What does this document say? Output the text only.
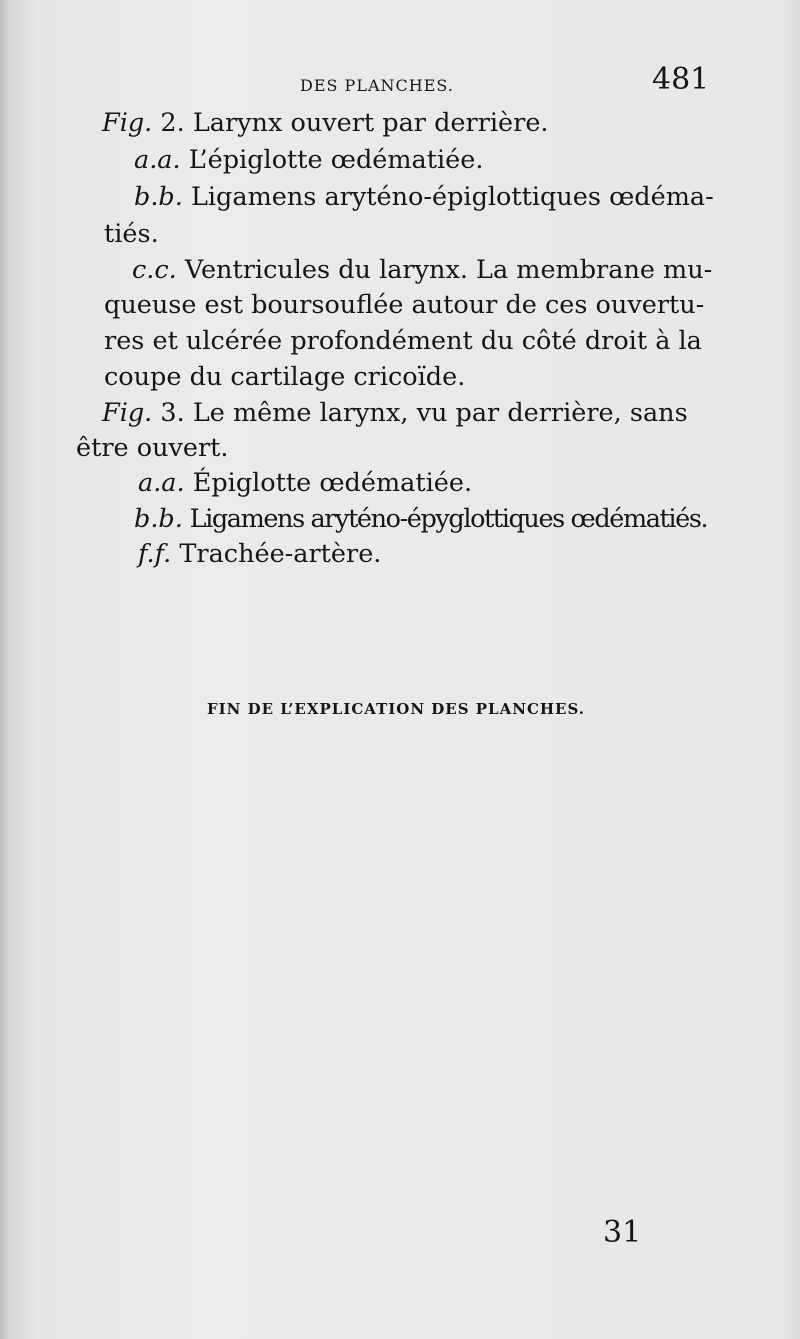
DES PLANCHES.	481
Fig. 2. Larynx ouvert par derrière.
a.a. L’épiglotte œdématiée.
b.b. Ligamens aryténo-épiglottiques œdéma-
tiés.
c.c. Ventricules du larynx. La membrane mu-
queuse est boursouflée autour de ces ouvertu-
res et ulcérée profondément du côté droit à la
coupe du cartilage cricoïde.
Fig. 3. Le même larynx, vu par derrière, sans
être ouvert.
a.a. Épiglotte œdématiée.
b.b. Ligamens aryténo-épyglottiques œdématiés.
f.f. Trachée-artère.
FIN DE L’EXPLICATION DES PLANCHES.
31
